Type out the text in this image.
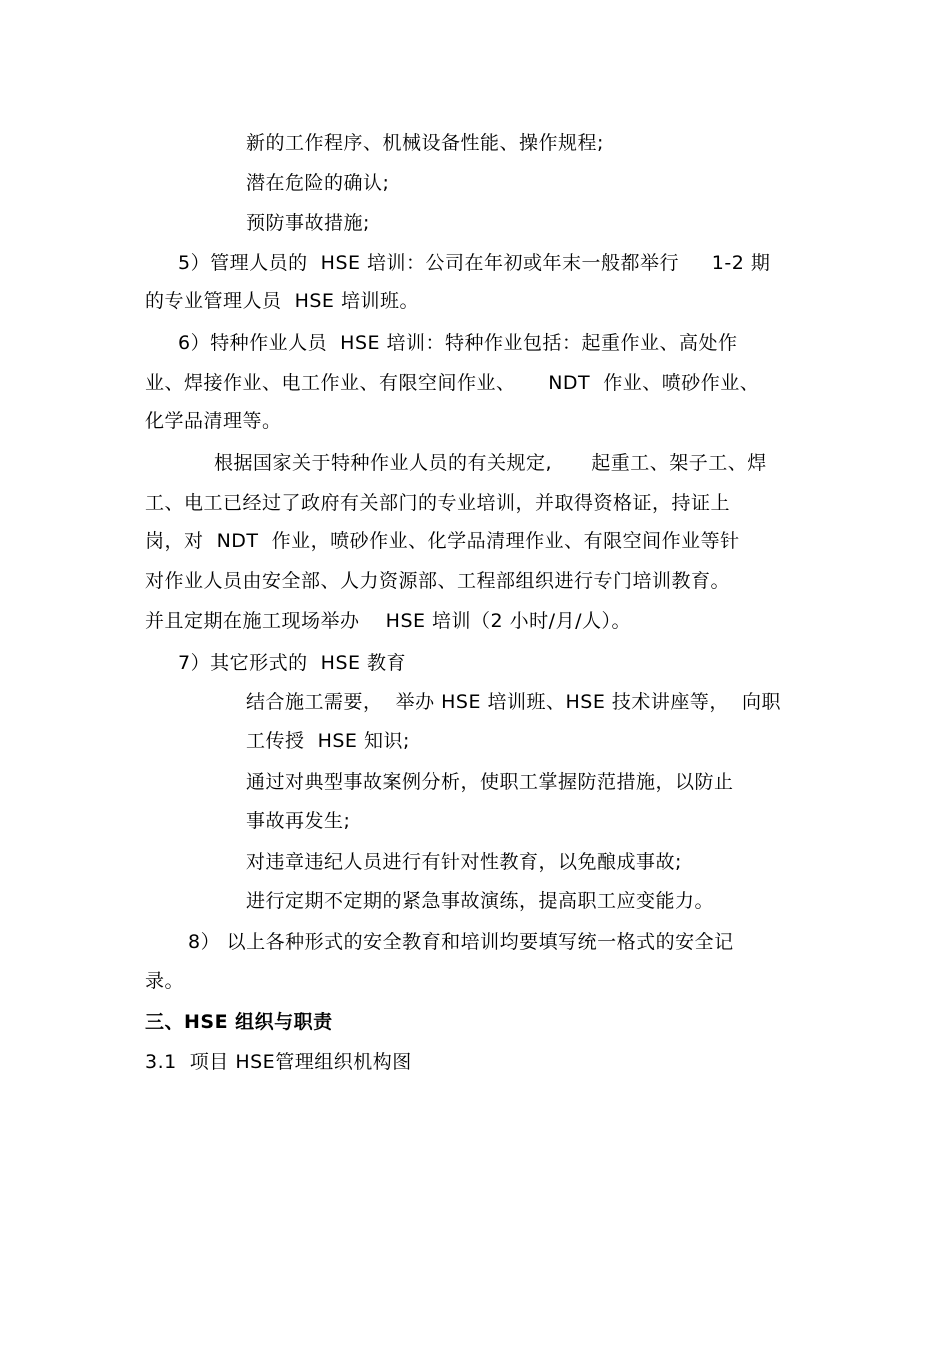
新的工作程序、机械设备性能、操作规程;
潜在危险的确认;
预防事故措施;
5）管理人员的  HSE 培训：公司在年初或年末一般都举行     1-2 期
的专业管理人员  HSE 培训班。
6）特种作业人员  HSE 培训：特种作业包括：起重作业、高处作
业、焊接作业、电工作业、有限空间作业、     NDT  作业、喷砂作业、
化学品清理等。
根据国家关于特种作业人员的有关规定,      起重工、架子工、焊
工、电工已经过了政府有关部门的专业培训，并取得资格证，持证上
岗，对  NDT  作业，喷砂作业、化学品清理作业、有限空间作业等针
对作业人员由安全部、人力资源部、工程部组织进行专门培训教育。
并且定期在施工现场举办    HSE 培训（2 小时/月/人）。
7）其它形式的  HSE 教育
结合施工需要，  举办 HSE 培训班、HSE 技术讲座等，  向职
工传授  HSE 知识;
通过对典型事故案例分析，使职工掌握防范措施，以防止
事故再发生;
对违章违纪人员进行有针对性教育，以免酿成事故;
进行定期不定期的紧急事故演练，提高职工应变能力。
8） 以上各种形式的安全教育和培训均要填写统一格式的安全记
录。
三、HSE 组织与职责
3.1  项目 HSE管理组织机构图
